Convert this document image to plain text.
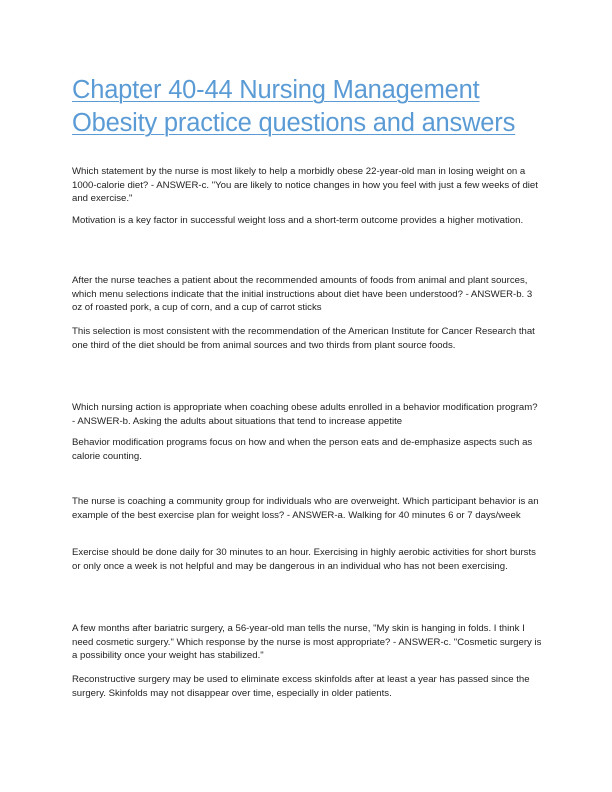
Chapter 40-44 Nursing Management Obesity practice questions and answers

Which statement by the nurse is most likely to help a morbidly obese 22-year-old man in losing weight on a 1000-calorie diet? - ANSWER-c. "You are likely to notice changes in how you feel with just a few weeks of diet and exercise."

Motivation is a key factor in successful weight loss and a short-term outcome provides a higher motivation.

After the nurse teaches a patient about the recommended amounts of foods from animal and plant sources, which menu selections indicate that the initial instructions about diet have been understood? - ANSWER-b. 3 oz of roasted pork, a cup of corn, and a cup of carrot sticks

This selection is most consistent with the recommendation of the American Institute for Cancer Research that one third of the diet should be from animal sources and two thirds from plant source foods.

Which nursing action is appropriate when coaching obese adults enrolled in a behavior modification program? - ANSWER-b. Asking the adults about situations that tend to increase appetite

Behavior modification programs focus on how and when the person eats and de-emphasize aspects such as calorie counting.

The nurse is coaching a community group for individuals who are overweight. Which participant behavior is an example of the best exercise plan for weight loss? - ANSWER-a. Walking for 40 minutes 6 or 7 days/week

Exercise should be done daily for 30 minutes to an hour. Exercising in highly aerobic activities for short bursts or only once a week is not helpful and may be dangerous in an individual who has not been exercising.

A few months after bariatric surgery, a 56-year-old man tells the nurse, "My skin is hanging in folds. I think I need cosmetic surgery." Which response by the nurse is most appropriate? - ANSWER-c. "Cosmetic surgery is a possibility once your weight has stabilized."

Reconstructive surgery may be used to eliminate excess skinfolds after at least a year has passed since the surgery. Skinfolds may not disappear over time, especially in older patients.
